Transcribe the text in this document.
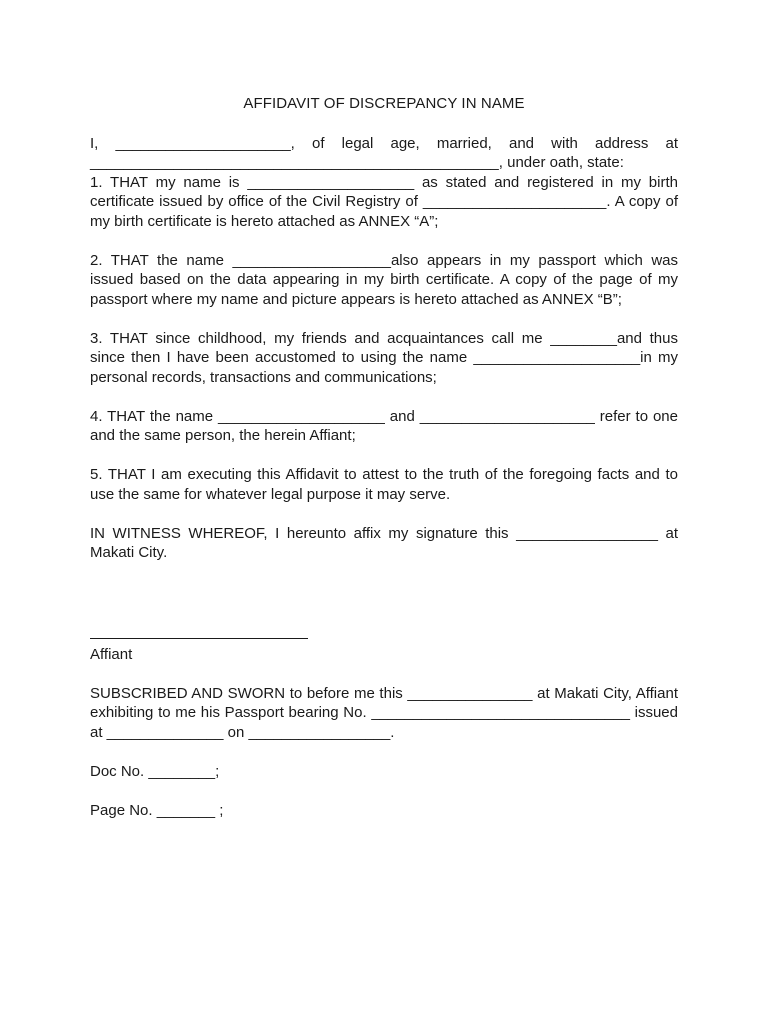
AFFIDAVIT OF DISCREPANCY IN NAME

I, _____________________, of legal age, married, and with address at _________________________________________________, under oath, state:

1. THAT my name is ____________________ as stated and registered in my birth certificate issued by office of the Civil Registry of ______________________. A copy of my birth certificate is hereto attached as ANNEX “A”;

2. THAT the name ___________________also appears in my passport which was issued based on the data appearing in my birth certificate. A copy of the page of my passport where my name and picture appears is hereto attached as ANNEX “B”;

3. THAT since childhood, my friends and acquaintances call me ________and thus since then I have been accustomed to using the name ____________________in my personal records, transactions and communications;

4. THAT the name ____________________ and _____________________ refer to one and the same person, the herein Affiant;

5. THAT I am executing this Affidavit to attest to the truth of the foregoing facts and to use the same for whatever legal purpose it may serve.

IN WITNESS WHEREOF, I hereunto affix my signature this _________________ at Makati City.

Affiant

SUBSCRIBED AND SWORN to before me this _______________ at Makati City, Affiant exhibiting to me his Passport bearing No. _______________________________ issued at ______________ on _________________.

Doc No. ________;
Page No. _______ ;
